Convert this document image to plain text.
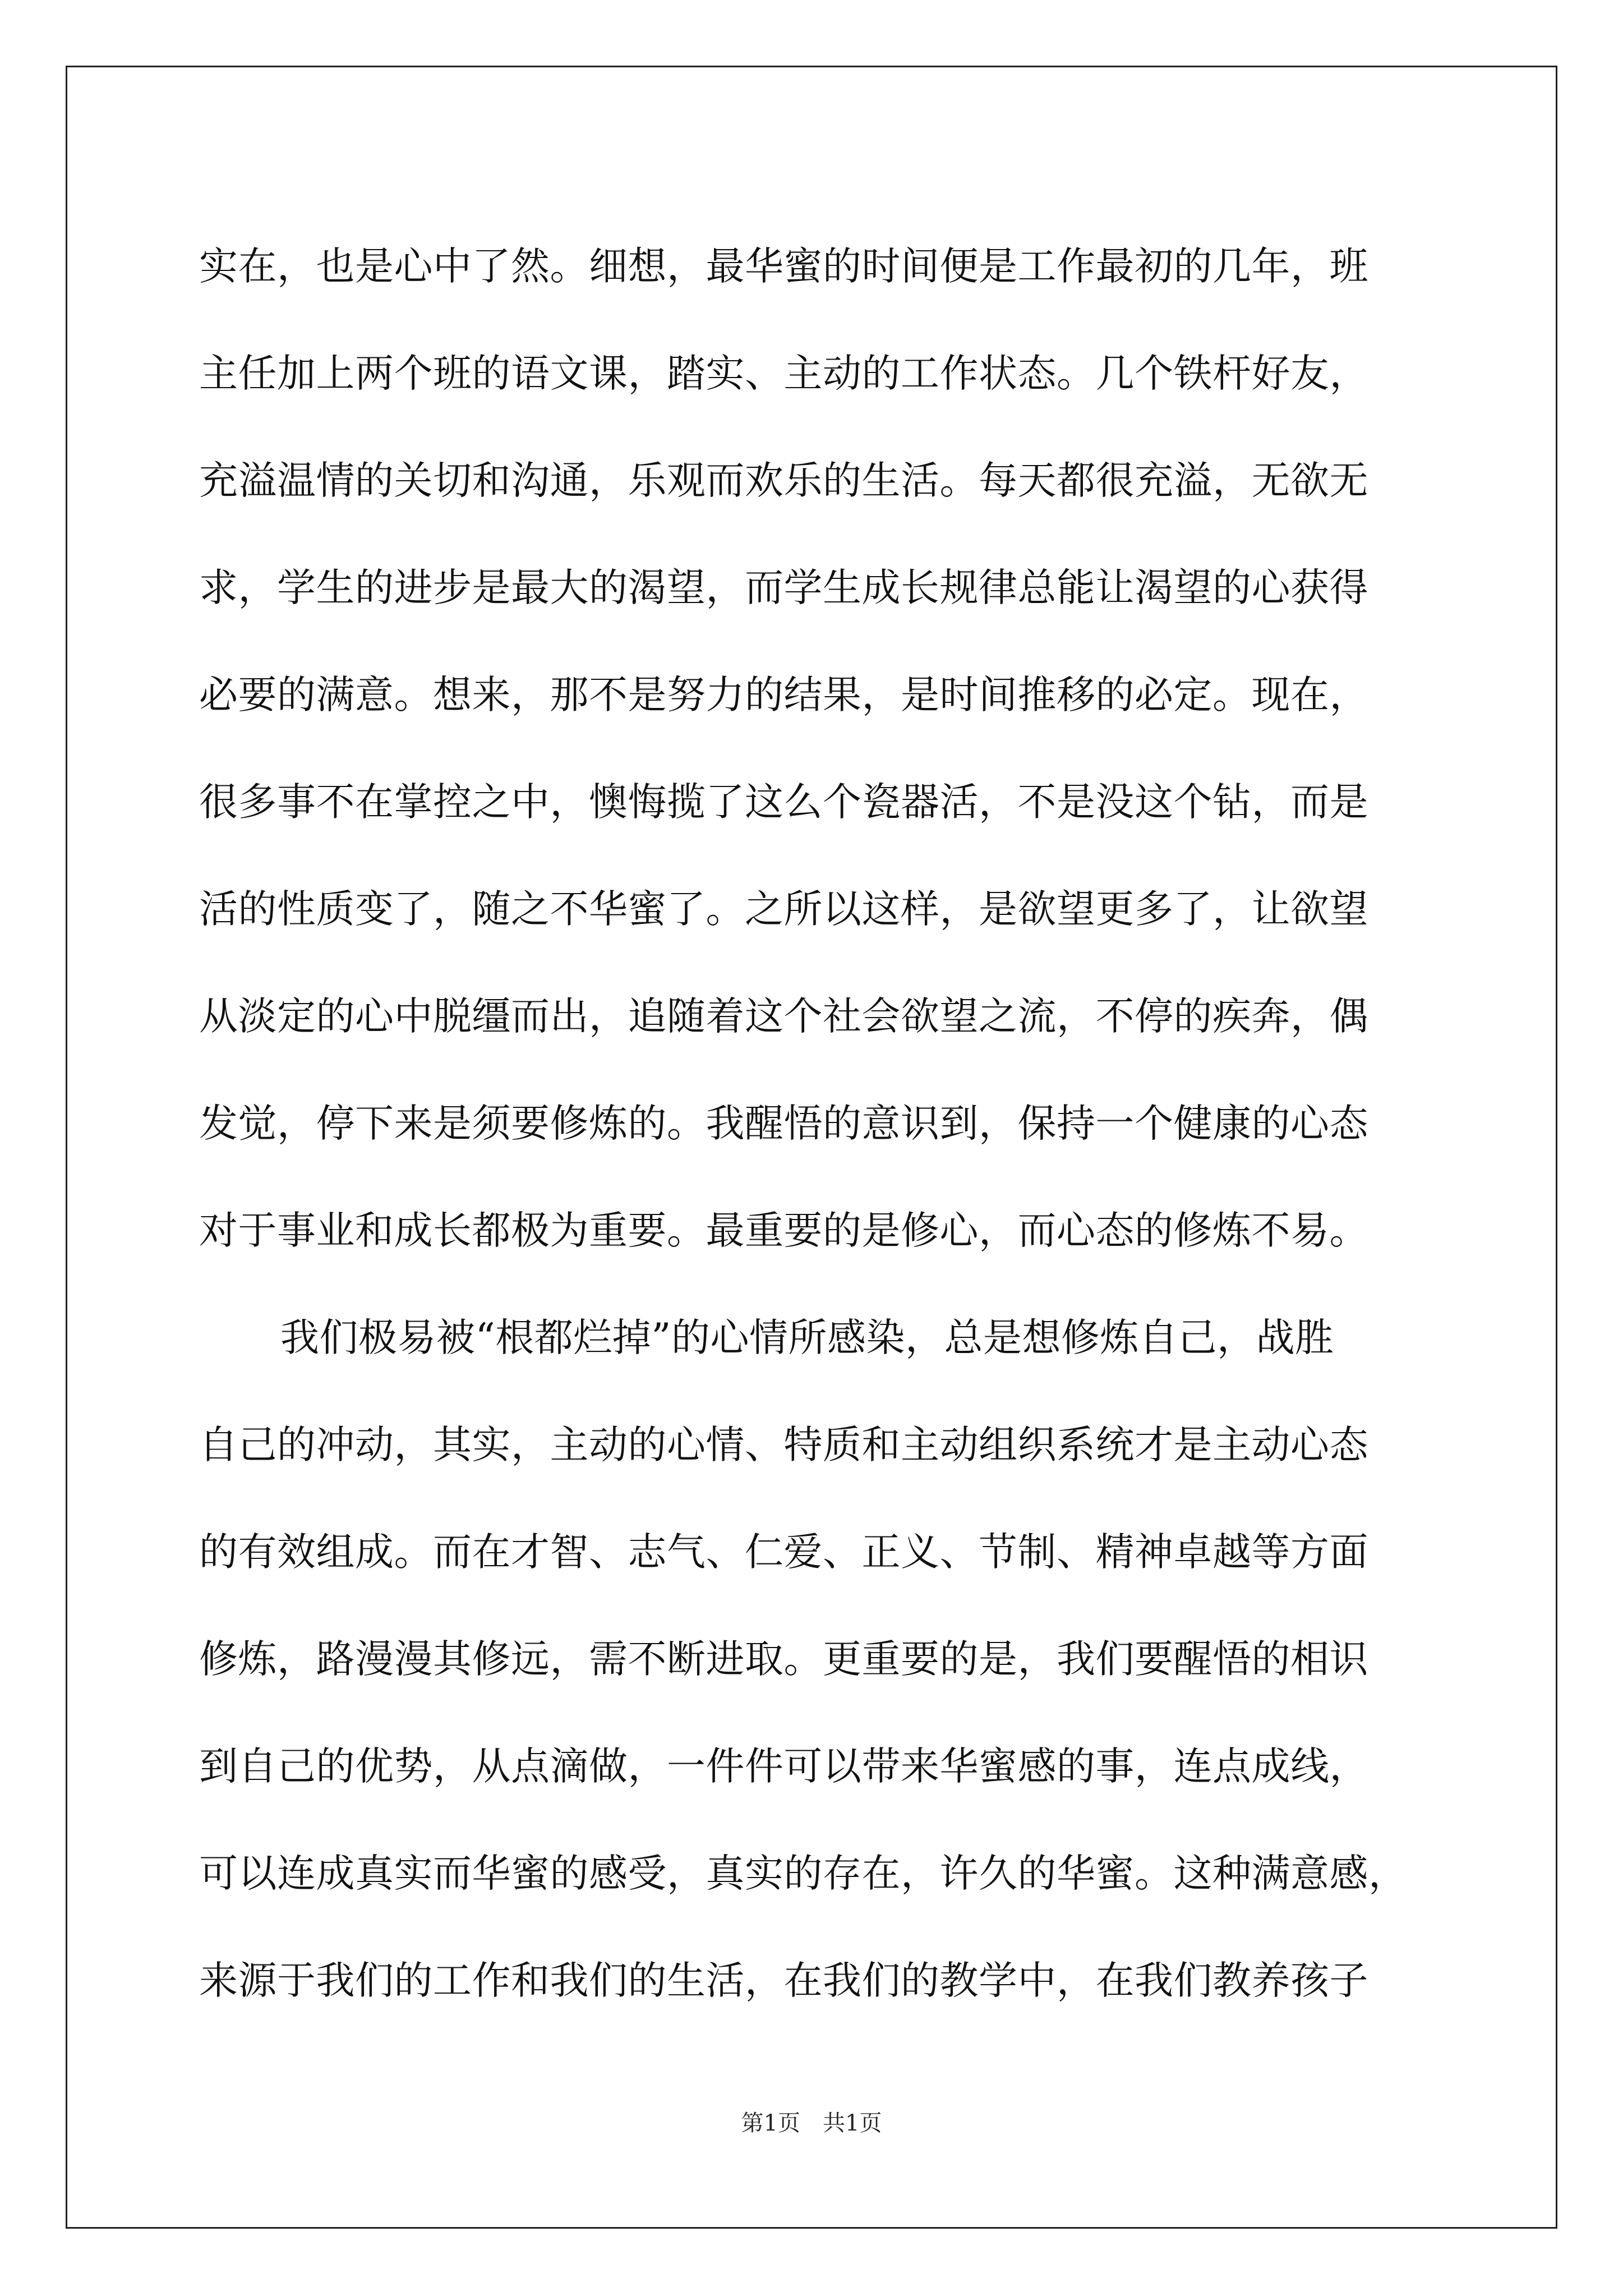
实在，也是心中了然。细想，最华蜜的时间便是工作最初的几年，班
主任加上两个班的语文课，踏实、主动的工作状态。几个铁杆好友，
充溢温情的关切和沟通，乐观而欢乐的生活。每天都很充溢，无欲无
求，学生的进步是最大的渴望，而学生成长规律总能让渴望的心获得
必要的满意。想来，那不是努力的结果，是时间推移的必定。现在，
很多事不在掌控之中，懊悔揽了这么个瓷器活，不是没这个钻，而是
活的性质变了，随之不华蜜了。之所以这样，是欲望更多了，让欲望
从淡定的心中脱缰而出，追随着这个社会欲望之流，不停的疾奔，偶
发觉，停下来是须要修炼的。我醒悟的意识到，保持一个健康的心态
对于事业和成长都极为重要。最重要的是修心，而心态的修炼不易。
我们极易被“根都烂掉”的心情所感染，总是想修炼自己，战胜
自己的冲动，其实，主动的心情、特质和主动组织系统才是主动心态
的有效组成。而在才智、志气、仁爱、正义、节制、精神卓越等方面
修炼，路漫漫其修远，需不断进取。更重要的是，我们要醒悟的相识
到自己的优势，从点滴做，一件件可以带来华蜜感的事，连点成线，
可以连成真实而华蜜的感受，真实的存在，许久的华蜜。这种满意感，
来源于我们的工作和我们的生活，在我们的教学中，在我们教养孩子
第1页 共1页
